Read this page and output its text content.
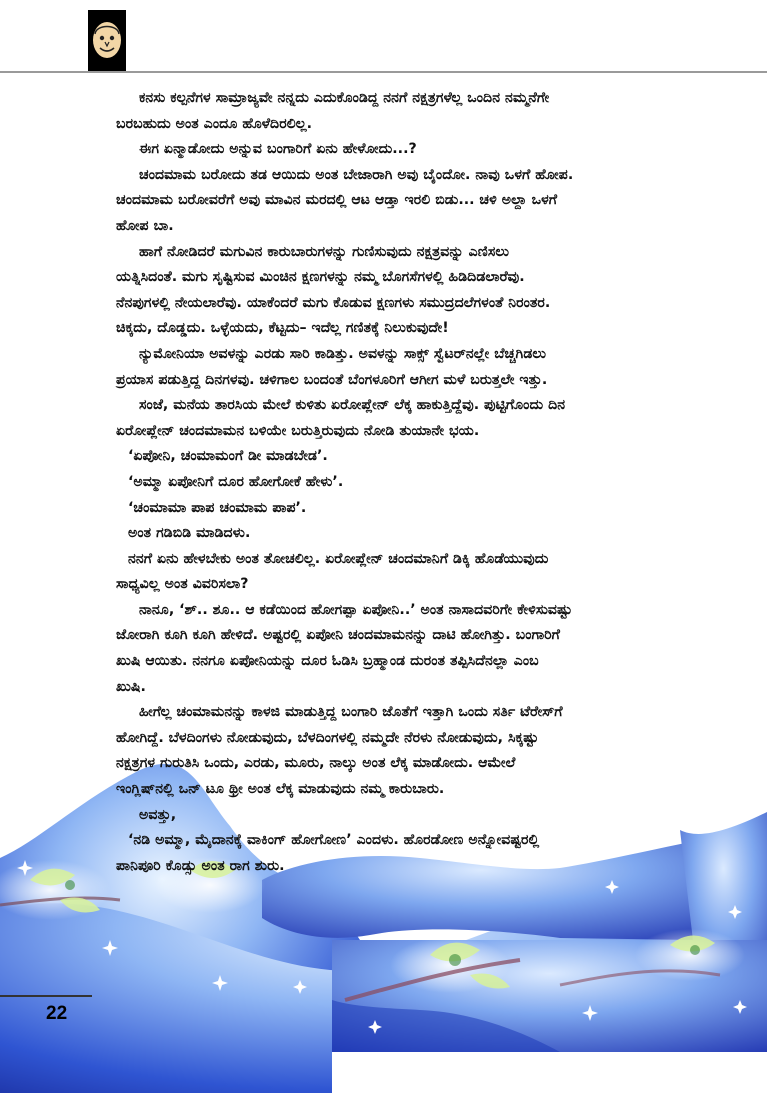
ಕನಸು ಕಲ್ಪನೆಗಳ ಸಾಮ್ರಾಜ್ಯವೇ ನನ್ನದು ಎದುಕೊಂಡಿದ್ದ ನನಗೆ ನಕ್ಷತ್ರಗಳೆಲ್ಲ ಒಂದಿನ ನಮ್ಮನೆಗೇ

ಬರಬಹುದು ಅಂತ ಎಂದೂ ಹೊಳೆದಿರಲಿಲ್ಲ.

ಈಗ ಏನ್ಮಾಡೋದು ಅನ್ನುವ ಬಂಗಾರಿಗೆ ಏನು ಹೇಳೋದು...?

ಚಂದಮಾಮ ಬರೋದು ತಡ ಆಯಿದು ಅಂತ ಬೇಜಾರಾಗಿ ಅವು ಬೈಂದೋ. ನಾವು ಒಳಗೆ ಹೋಪ.

ಚಂದಮಾಮ ಬರೋವರೆಗೆ ಅವು ಮಾವಿನ ಮರದಲ್ಲಿ ಆಟ ಆಡ್ತಾ ಇರಲಿ ಬಿಡು... ಚಳಿ ಅಲ್ದಾ ಒಳಗೆ

ಹೋಪ ಬಾ.

ಹಾಗೆ ನೋಡಿದರೆ ಮಗುವಿನ ಕಾರುಬಾರುಗಳನ್ನು ಗುಣಿಸುವುದು ನಕ್ಷತ್ರವನ್ನು ಎಣಿಸಲು

ಯತ್ನಿಸಿದಂತೆ. ಮಗು ಸೃಷ್ಟಿಸುವ ಮಿಂಚಿನ ಕ್ಷಣಗಳನ್ನು ನಮ್ಮ ಬೊಗಸೆಗಳಲ್ಲಿ ಹಿಡಿದಿಡಲಾರೆವು.

ನೆನಪುಗಳಲ್ಲಿ ನೇಯಲಾರೆವು. ಯಾಕೆಂದರೆ ಮಗು ಕೊಡುವ ಕ್ಷಣಗಳು ಸಮುದ್ರದಲೆಗಳಂತೆ ನಿರಂತರ.

ಚಿಕ್ಕದು, ದೊಡ್ಡದು. ಒಳ್ಳೆಯದು, ಕೆಟ್ಟದು– ಇದೆಲ್ಲ ಗಣಿತಕ್ಕೆ ನಿಲುಕುವುದೇ!

ನ್ಯುಮೋನಿಯಾ ಅವಳನ್ನು ಎರಡು ಸಾರಿ ಕಾಡಿತ್ತು. ಅವಳನ್ನು ಸಾಕ್ಸ್ ಸ್ವೆಟರ್‌ನಲ್ಲೇ ಬೆಚ್ಚಗಿಡಲು

ಪ್ರಯಾಸ ಪಡುತ್ತಿದ್ದ ದಿನಗಳವು. ಚಳಿಗಾಲ ಬಂದಂತೆ ಬೆಂಗಳೂರಿಗೆ ಆಗೀಗ ಮಳೆ ಬರುತ್ತಲೇ ಇತ್ತು.

ಸಂಜೆ, ಮನೆಯ ತಾರಸಿಯ ಮೇಲೆ ಕುಳಿತು ಏರೋಪ್ಲೇನ್ ಲೆಕ್ಕ ಹಾಕುತ್ತಿದ್ದೆವು. ಪುಟ್ಟಿಗೊಂದು ದಿನ

ಏರೋಪ್ಲೇನ್ ಚಂದಮಾಮನ ಬಳಿಯೇ ಬರುತ್ತಿರುವುದು ನೋಡಿ ತುಯಾನೇ ಭಯ.

‘ಏಪೋನಿ, ಚಂಮಾಮಂಗೆ ಡೀ ಮಾಡಬೇಡ’.

‘ಅಮ್ಮಾ ಏಪೋನಿಗೆ ದೂರ ಹೋಗೋಕೆ ಹೇಳು’.

‘ಚಂಮಾಮಾ ಪಾಪ ಚಂಮಾಮ ಪಾಪ’.

ಅಂತ ಗಡಿಬಿಡಿ ಮಾಡಿದಳು.

ನನಗೆ ಏನು ಹೇಳಬೇಕು ಅಂತ ತೋಚಲಿಲ್ಲ. ಏರೋಪ್ಲೇನ್ ಚಂದಮಾನಿಗೆ ಡಿಕ್ಕಿ ಹೊಡೆಯುವುದು

ಸಾಧ್ಯವಿಲ್ಲ ಅಂತ ವಿವರಿಸಲಾ?

ನಾನೂ, ‘ಶ್.. ಶೂ.. ಆ ಕಡೆಯಿಂದ ಹೋಗಪ್ಪಾ ಏಪೋನಿ..’ ಅಂತ ನಾಸಾದವರಿಗೇ ಕೇಳಿಸುವಷ್ಟು

ಜೋರಾಗಿ ಕೂಗಿ ಕೂಗಿ ಹೇಳಿದೆ. ಅಷ್ಟರಲ್ಲಿ ಏಪೋನಿ ಚಂದಮಾಮನನ್ನು ದಾಟಿ ಹೋಗಿತ್ತು. ಬಂಗಾರಿಗೆ

ಖುಷಿ ಆಯಿತು. ನನಗೂ ಏಪೋನಿಯನ್ನು ದೂರ ಓಡಿಸಿ ಬ್ರಹ್ಮಾಂಡ ದುರಂತ ತಪ್ಪಿಸಿದೆನಲ್ಲಾ ಎಂಬ

ಖುಷಿ.

ಹೀಗೆಲ್ಲ ಚಂಮಾಮನನ್ನು ಕಾಳಜಿ ಮಾಡುತ್ತಿದ್ದ ಬಂಗಾರಿ ಜೊತೆಗೆ ಇತ್ತಾಗಿ ಒಂದು ಸರ್ತಿ ಟೆರೇಸ್‌ಗೆ

ಹೋಗಿದ್ದೆ. ಬೆಳದಿಂಗಳು ನೋಡುವುದು, ಬೆಳದಿಂಗಳಲ್ಲಿ ನಮ್ಮದೇ ನೆರಳು ನೋಡುವುದು, ಸಿಕ್ಕಷ್ಟು

ನಕ್ಷತ್ರಗಳ ಗುರುತಿಸಿ ಒಂದು, ಎರಡು, ಮೂರು, ನಾಲ್ಕು ಅಂತ ಲೆಕ್ಕ ಮಾಡೋದು. ಆಮೇಲೆ

ಇಂಗ್ಲಿಷ್‌ನಲ್ಲಿ ಒನ್ ಟೂ ಥ್ರೀ ಅಂತ ಲೆಕ್ಕ ಮಾಡುವುದು ನಮ್ಮ ಕಾರುಬಾರು.

ಅವತ್ತು,

‘ನಡಿ ಅಮ್ಮಾ, ಮೈದಾನಕ್ಕೆ ವಾಕಿಂಗ್ ಹೋಗೋಣ’ ಎಂದಳು. ಹೊರಡೋಣ ಅನ್ನೋವಷ್ಟರಲ್ಲಿ

ಪಾನಿಪೂರಿ ಕೊಡ್ಸು ಅಂತ ರಾಗ ಶುರು.

22
